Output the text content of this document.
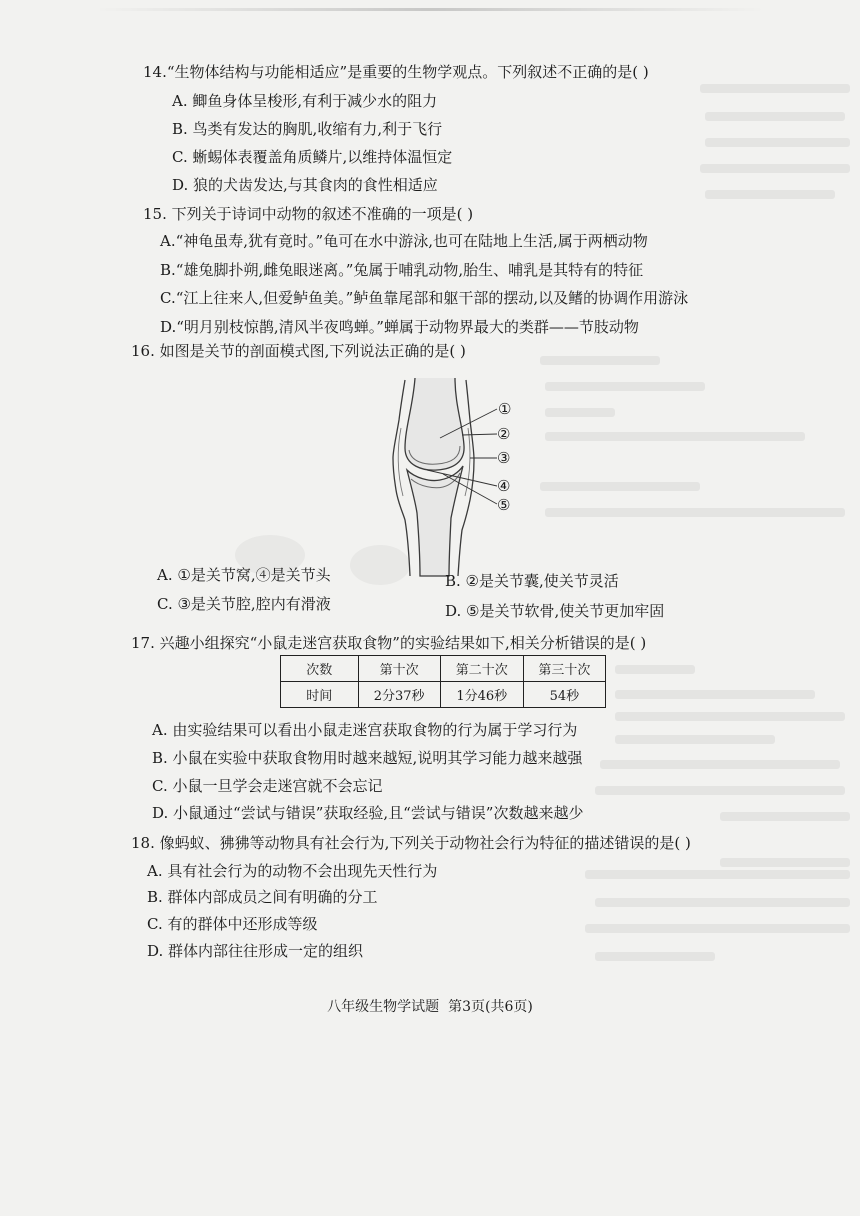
14.“生物体结构与功能相适应”是重要的生物学观点。下列叙述不正确的是( )
A. 鲫鱼身体呈梭形,有利于减少水的阻力
B. 鸟类有发达的胸肌,收缩有力,利于飞行
C. 蜥蜴体表覆盖角质鳞片,以维持体温恒定
D. 狼的犬齿发达,与其食肉的食性相适应
15. 下列关于诗词中动物的叙述不准确的一项是( )
A.“神龟虽寿,犹有竟时。”龟可在水中游泳,也可在陆地上生活,属于两栖动物
B.“雄兔脚扑朔,雌兔眼迷离。”兔属于哺乳动物,胎生、哺乳是其特有的特征
C.“江上往来人,但爱鲈鱼美。”鲈鱼靠尾部和躯干部的摆动,以及鳍的协调作用游泳
D.“明月别枝惊鹊,清风半夜鸣蝉。”蝉属于动物界最大的类群——节肢动物
16. 如图是关节的剖面模式图,下列说法正确的是( )
①
②
③
④
⑤
A. ①是关节窝,④是关节头	B. ②是关节囊,使关节灵活
C. ③是关节腔,腔内有滑液	D. ⑤是关节软骨,使关节更加牢固
17. 兴趣小组探究“小鼠走迷宫获取食物”的实验结果如下,相关分析错误的是( )
次数	第十次	第二十次	第三十次
时间	2分37秒	1分46秒	54秒
A. 由实验结果可以看出小鼠走迷宫获取食物的行为属于学习行为
B. 小鼠在实验中获取食物用时越来越短,说明其学习能力越来越强
C. 小鼠一旦学会走迷宫就不会忘记
D. 小鼠通过“尝试与错误”获取经验,且“尝试与错误”次数越来越少
18. 像蚂蚁、狒狒等动物具有社会行为,下列关于动物社会行为特征的描述错误的是( )
A. 具有社会行为的动物不会出现先天性行为
B. 群体内部成员之间有明确的分工
C. 有的群体中还形成等级
D. 群体内部往往形成一定的组织
八年级生物学试题  第3页(共6页)
